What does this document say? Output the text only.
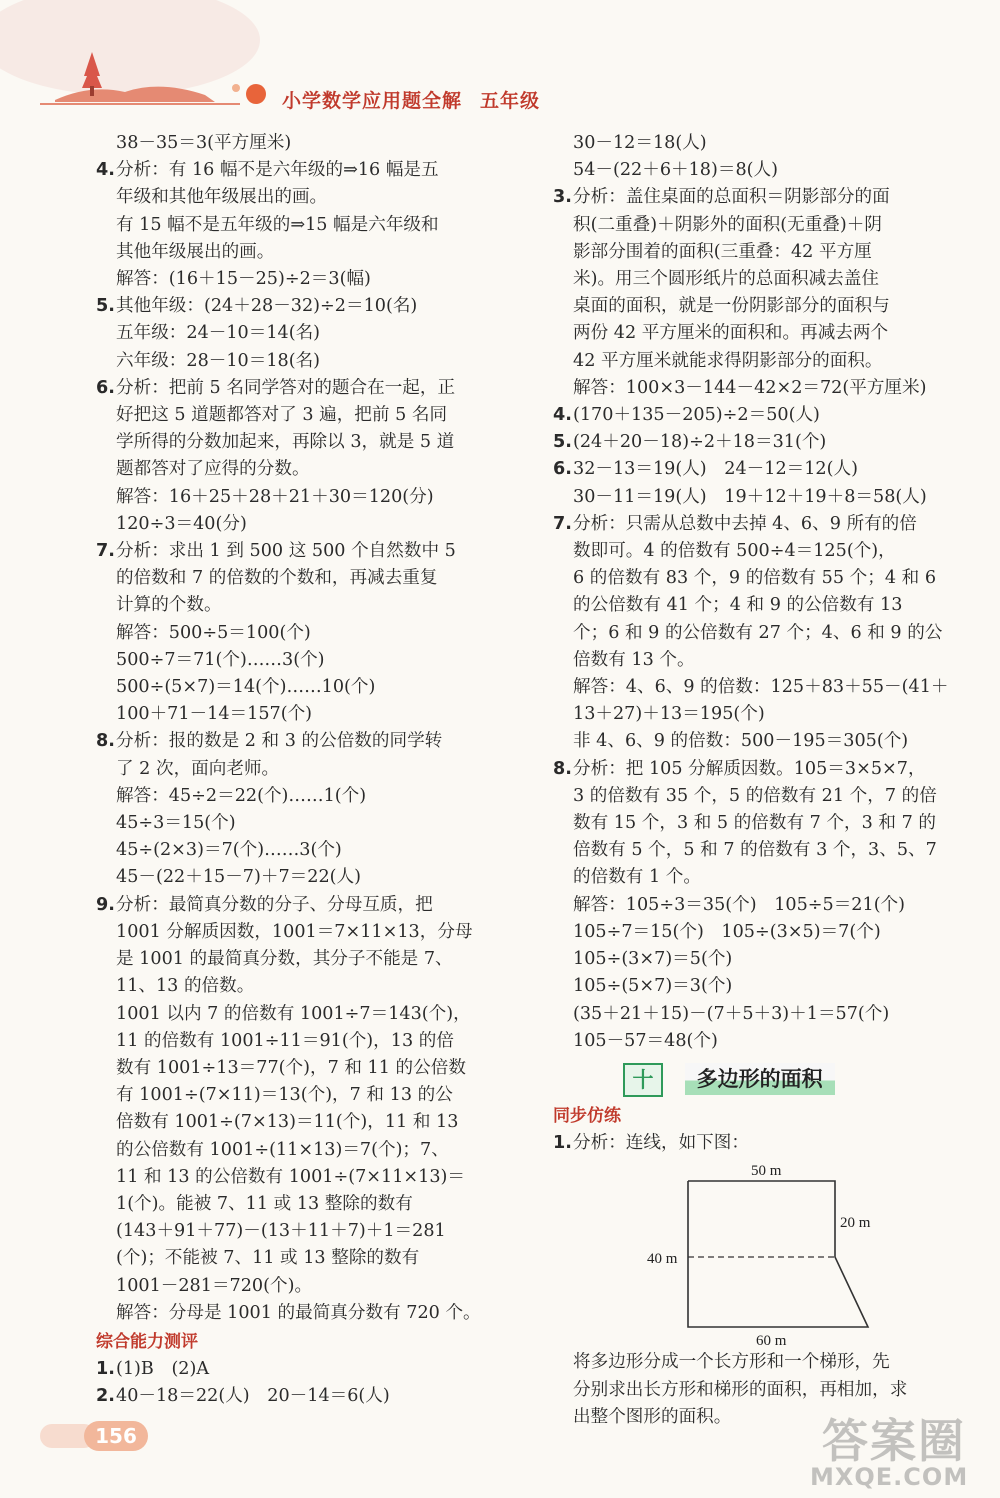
小学数学应用题全解 五年级
38－35＝3(平方厘米)
4. 分析：有 16 幅不是六年级的⇒16 幅是五
年级和其他年级展出的画。
有 15 幅不是五年级的⇒15 幅是六年级和
其他年级展出的画。
解答：(16＋15－25)÷2＝3(幅)
5. 其他年级：(24＋28－32)÷2＝10(名)
五年级：24－10＝14(名)
六年级：28－10＝18(名)
6. 分析：把前 5 名同学答对的题合在一起，正
好把这 5 道题都答对了 3 遍，把前 5 名同
学所得的分数加起来，再除以 3，就是 5 道
题都答对了应得的分数。
解答：16＋25＋28＋21＋30＝120(分)
120÷3＝40(分)
7. 分析：求出 1 到 500 这 500 个自然数中 5
的倍数和 7 的倍数的个数和，再减去重复
计算的个数。
解答：500÷5＝100(个)
500÷7＝71(个)……3(个)
500÷(5×7)＝14(个)……10(个)
100＋71－14＝157(个)
8. 分析：报的数是 2 和 3 的公倍数的同学转
了 2 次，面向老师。
解答：45÷2＝22(个)……1(个)
45÷3＝15(个)
45÷(2×3)＝7(个)……3(个)
45－(22＋15－7)＋7＝22(人)
9. 分析：最简真分数的分子、分母互质，把
1001 分解质因数，1001＝7×11×13，分母
是 1001 的最简真分数，其分子不能是 7、
11、13 的倍数。
1001 以内 7 的倍数有 1001÷7＝143(个)，
11 的倍数有 1001÷11＝91(个)，13 的倍
数有 1001÷13＝77(个)，7 和 11 的公倍数
有 1001÷(7×11)＝13(个)，7 和 13 的公
倍数有 1001÷(7×13)＝11(个)，11 和 13
的公倍数有 1001÷(11×13)＝7(个)；7、
11 和 13 的公倍数有 1001÷(7×11×13)＝
1(个)。能被 7、11 或 13 整除的数有
(143＋91＋77)－(13＋11＋7)＋1＝281
(个)；不能被 7、11 或 13 整除的数有
1001－281＝720(个)。
解答：分母是 1001 的最简真分数有 720 个。
综合能力测评
1. (1)B　(2)A
2. 40－18＝22(人)　20－14＝6(人)
30－12＝18(人)
54－(22＋6＋18)＝8(人)
3. 分析：盖住桌面的总面积＝阴影部分的面
积(二重叠)＋阴影外的面积(无重叠)＋阴
影部分围着的面积(三重叠：42 平方厘
米)。用三个圆形纸片的总面积减去盖住
桌面的面积，就是一份阴影部分的面积与
两份 42 平方厘米的面积和。再减去两个
42 平方厘米就能求得阴影部分的面积。
解答：100×3－144－42×2＝72(平方厘米)
4. (170＋135－205)÷2＝50(人)
5. (24＋20－18)÷2＋18＝31(个)
6. 32－13＝19(人)　24－12＝12(人)
30－11＝19(人)　19＋12＋19＋8＝58(人)
7. 分析：只需从总数中去掉 4、6、9 所有的倍
数即可。4 的倍数有 500÷4＝125(个)，
6 的倍数有 83 个，9 的倍数有 55 个；4 和 6
的公倍数有 41 个；4 和 9 的公倍数有 13
个；6 和 9 的公倍数有 27 个；4、6 和 9 的公
倍数有 13 个。
解答：4、6、9 的倍数：125＋83＋55－(41＋
13＋27)＋13＝195(个)
非 4、6、9 的倍数：500－195＝305(个)
8. 分析：把 105 分解质因数。105＝3×5×7，
3 的倍数有 35 个，5 的倍数有 21 个，7 的倍
数有 15 个，3 和 5 的倍数有 7 个，3 和 7 的
倍数有 5 个，5 和 7 的倍数有 3 个，3、5、7
的倍数有 1 个。
解答：105÷3＝35(个)　105÷5＝21(个)
105÷7＝15(个)　105÷(3×5)＝7(个)
105÷(3×7)＝5(个)
105÷(5×7)＝3(个)
(35＋21＋15)－(7＋5＋3)＋1＝57(个)
105－57＝48(个)
十 多边形的面积
同步仿练
1. 分析：连线，如下图：
50 m
20 m
40 m
60 m
将多边形分成一个长方形和一个梯形，先
分别求出长方形和梯形的面积，再相加，求
出整个图形的面积。
156	答案圈
MXQE.COM
